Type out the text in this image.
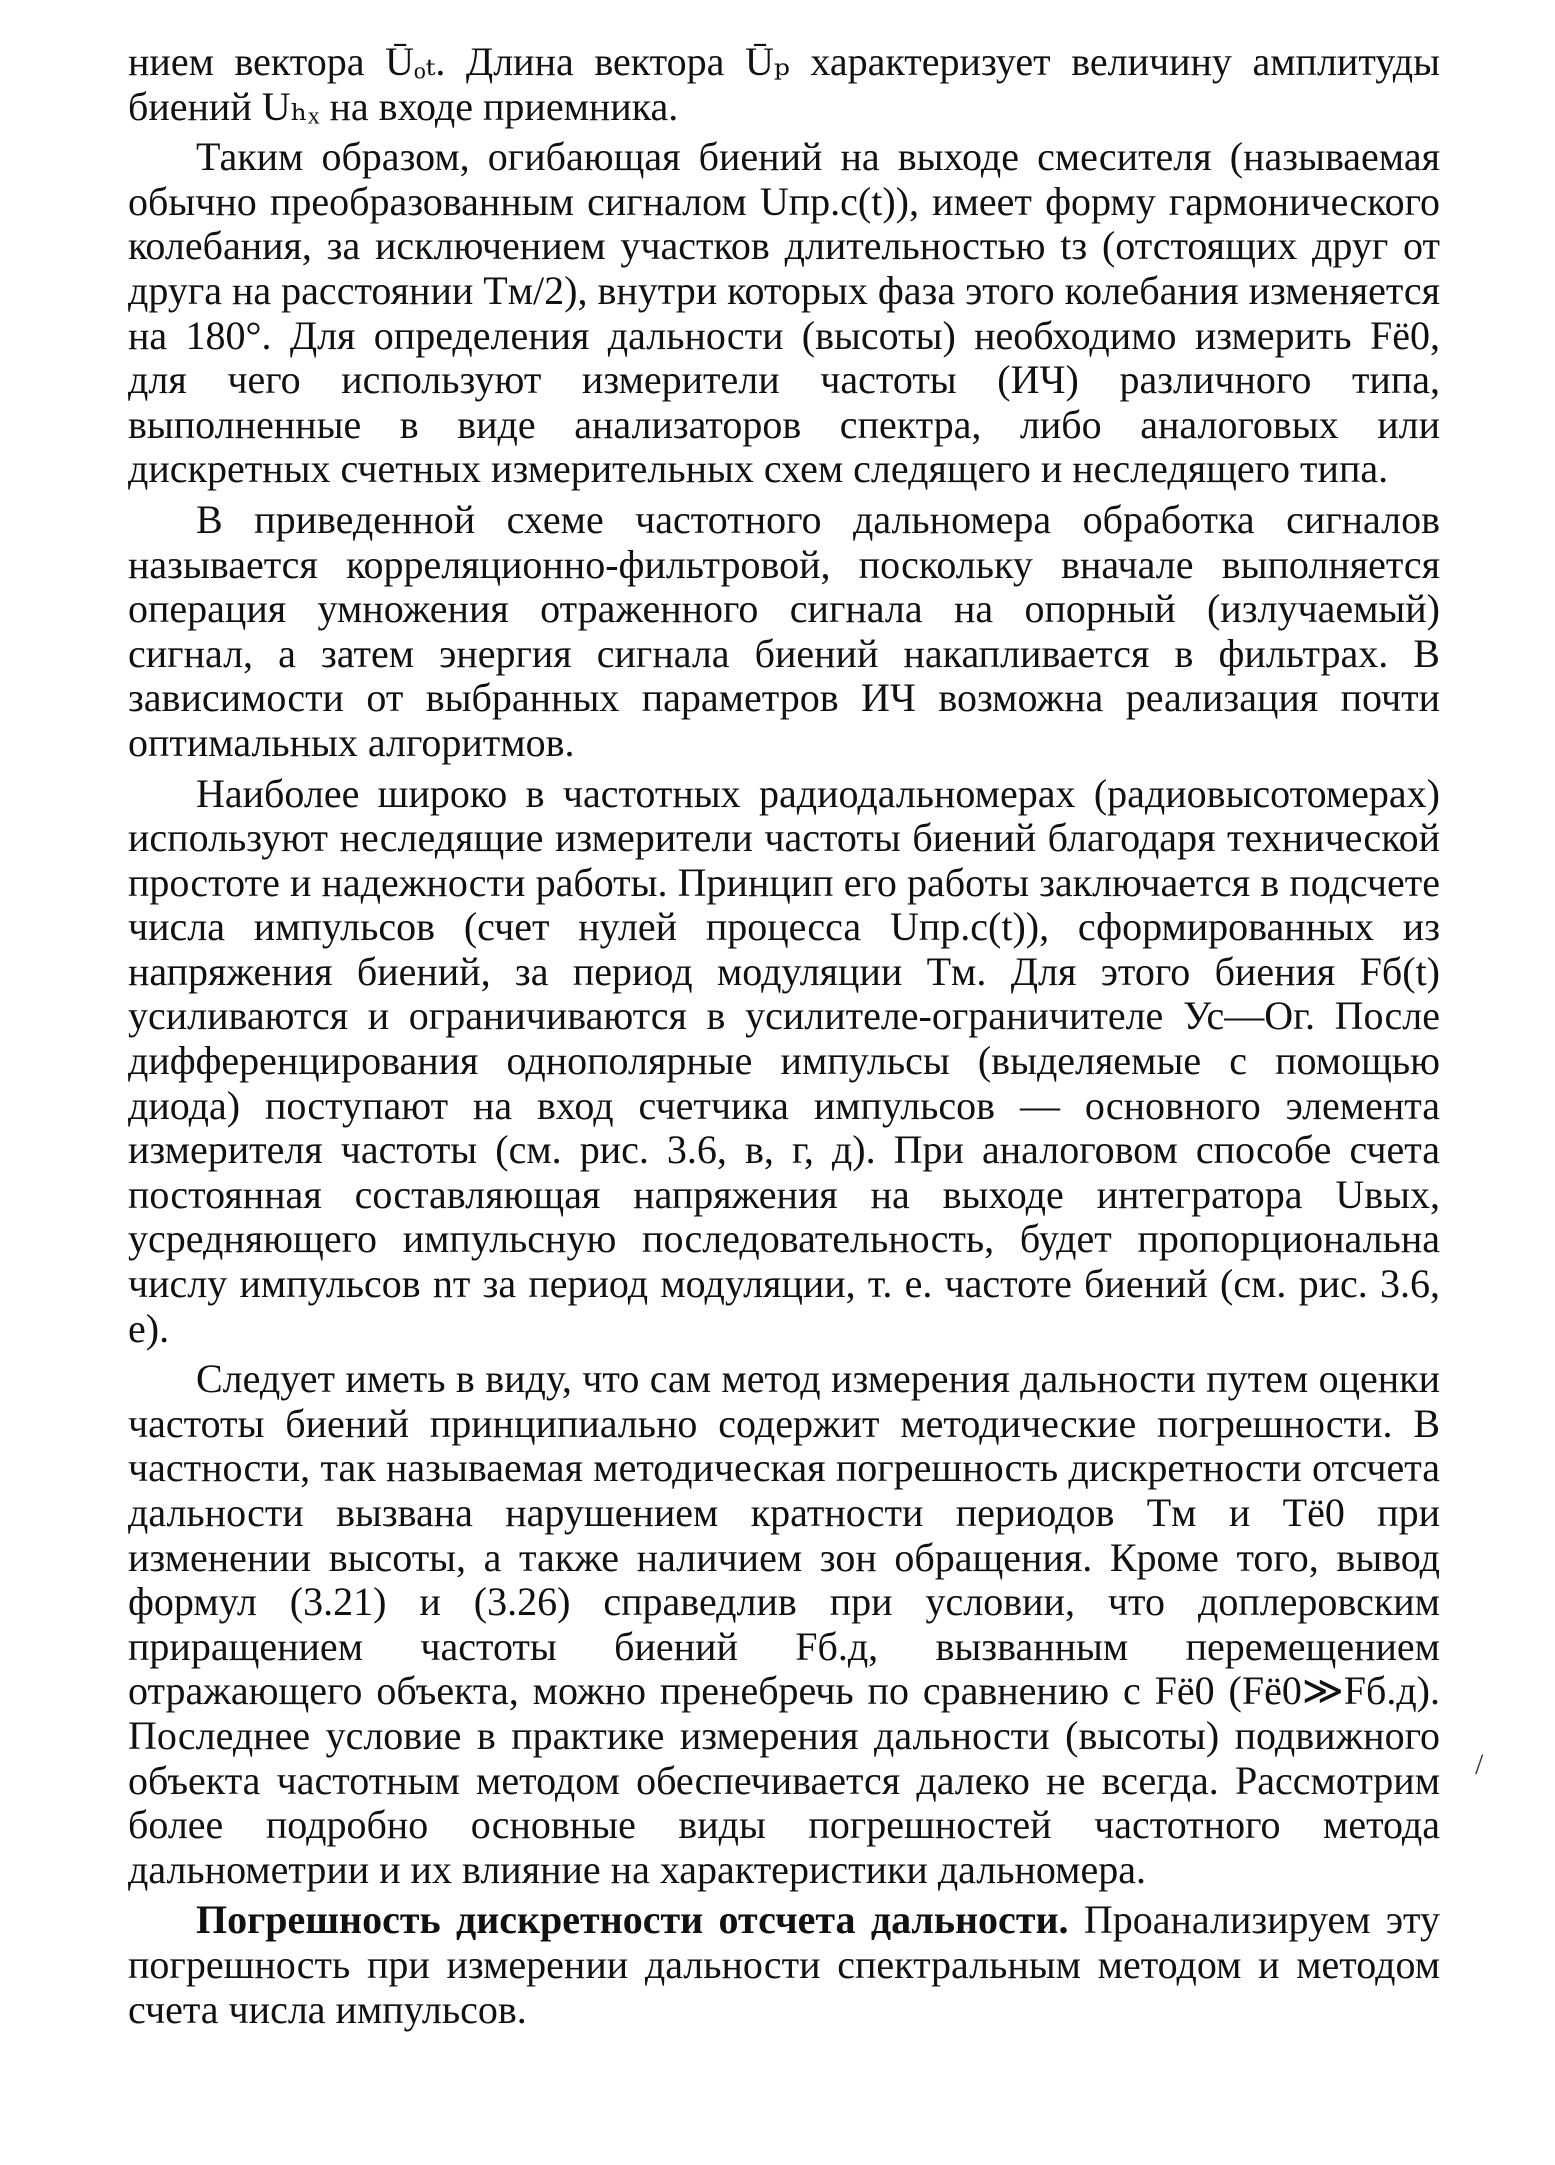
нием вектора Ūₒₜ. Длина вектора Ūₚ характеризует величину амплитуды биений Uₕₓ на входе приемника.

Таким образом, огибающая биений на выходе смесителя (называемая обычно преобразованным сигналом Uпр.с(t)), имеет форму гармонического колебания, за исключением участков длительностью tз (отстоящих друг от друга на расстоянии Tм/2), внутри которых фаза этого колебания изменяется на 180°. Для определения дальности (высоты) необходимо измерить Fё0, для чего используют измерители частоты (ИЧ) различного типа, выполненные в виде анализаторов спектра, либо аналоговых или дискретных счетных измерительных схем следящего и неследящего типа.

В приведенной схеме частотного дальномера обработка сигналов называется корреляционно-фильтровой, поскольку вначале выполняется операция умножения отраженного сигнала на опорный (излучаемый) сигнал, а затем энергия сигнала биений накапливается в фильтрах. В зависимости от выбранных параметров ИЧ возможна реализация почти оптимальных алгоритмов.

Наиболее широко в частотных радиодальномерах (радиовысотомерах) используют неследящие измерители частоты биений благодаря технической простоте и надежности работы. Принцип его работы заключается в подсчете числа импульсов (счет нулей процесса Uпр.с(t)), сформированных из напряжения биений, за период модуляции Tм. Для этого биения Fб(t) усиливаются и ограничиваются в усилителе-ограничителе Ус—Ог. После дифференцирования однополярные импульсы (выделяемые с помощью диода) поступают на вход счетчика импульсов — основного элемента измерителя частоты (см. рис. 3.6, в, г, д). При аналоговом способе счета постоянная составляющая напряжения на выходе интегратора Uвых, усредняющего импульсную последовательность, будет пропорциональна числу импульсов nт за период модуляции, т. е. частоте биений (см. рис. 3.6, е).

Следует иметь в виду, что сам метод измерения дальности путем оценки частоты биений принципиально содержит методические погрешности. В частности, так называемая методическая погрешность дискретности отсчета дальности вызвана нарушением кратности периодов Tм и Tё0 при изменении высоты, а также наличием зон обращения. Кроме того, вывод формул (3.21) и (3.26) справедлив при условии, что доплеровским приращением частоты биений Fб.д, вызванным перемещением отражающего объекта, можно пренебречь по сравнению с Fё0 (Fё0≫Fб.д). Последнее условие в практике измерения дальности (высоты) подвижного объекта частотным методом обеспечивается далеко не всегда. Рассмотрим более подробно основные виды погрешностей частотного метода дальнометрии и их влияние на характеристики дальномера.

Погрешность дискретности отсчета дальности. Проанализируем эту погрешность при измерении дальности спектральным методом и методом счета числа импульсов.

/
